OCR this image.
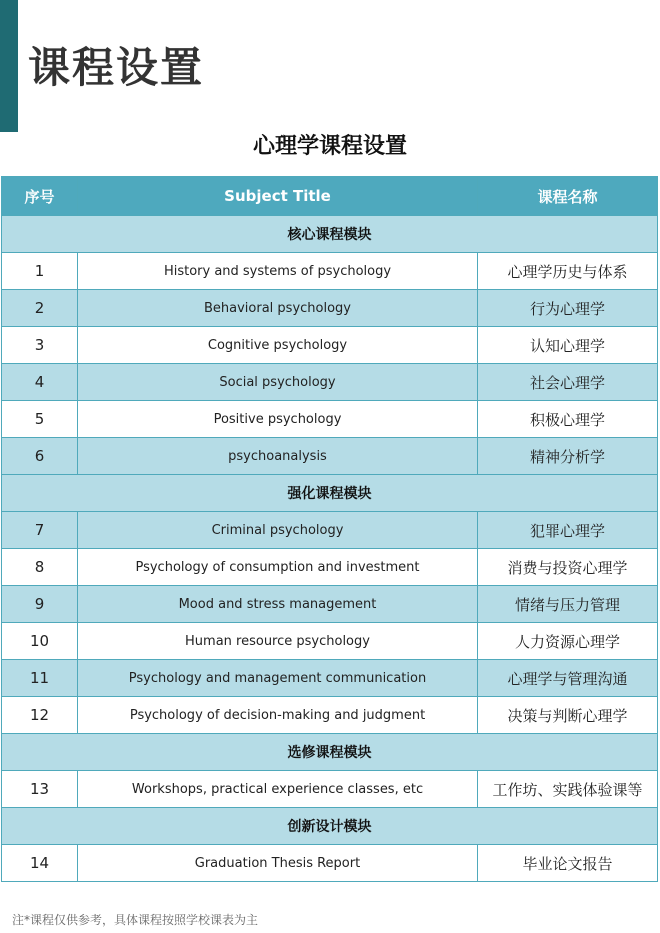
课程设置
心理学课程设置
序号	Subject Title	课程名称
核心课程模块		
1	History and systems of psychology	心理学历史与体系
2	Behavioral psychology	行为心理学
3	Cognitive psychology	认知心理学
4	Social psychology	社会心理学
5	Positive psychology	积极心理学
6	psychoanalysis	精神分析学
强化课程模块		
7	Criminal psychology	犯罪心理学
8	Psychology of consumption and investment	消费与投资心理学
9	Mood and stress management	情绪与压力管理
10	Human resource psychology	人力资源心理学
11	Psychology and management communication	心理学与管理沟通
12	Psychology of decision-making and judgment	决策与判断心理学
选修课程模块		
13	Workshops, practical experience classes, etc	工作坊、实践体验课等
创新设计模块		
14	Graduation Thesis Report	毕业论文报告
注*课程仅供参考，具体课程按照学校课表为主
